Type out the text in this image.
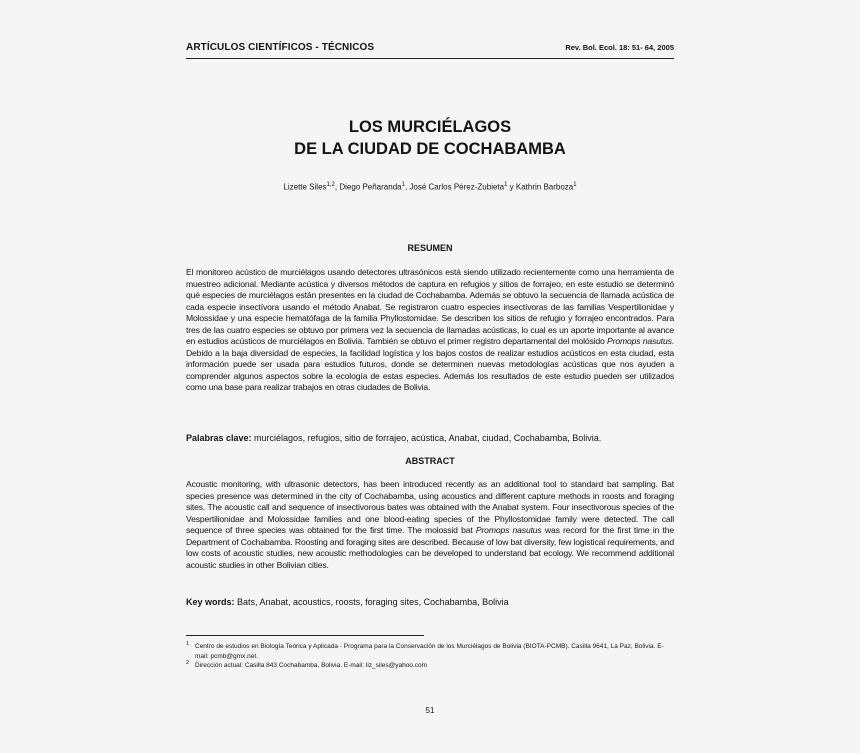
ARTÍCULOS CIENTÍFICOS - TÉCNICOS	Rev. Bol. Ecol. 18: 51- 64, 2005
LOS MURCIÉLAGOS
DE LA CIUDAD DE COCHABAMBA
Lizette Siles$^{1,2}$, Diego Peñaranda$^1$, José Carlos Pérez-Zubieta$^1$ y Kathrin Barboza$^1$
RESUMEN
El monitoreo acústico de murciélagos usando detectores ultrasónicos está siendo utilizado recientemente como una herramienta de muestreo adicional. Mediante acústica y diversos métodos de captura en refugios y sitios de forrajeo, en este estudio se determinó qué especies de murciélagos están presentes en la ciudad de Cochabamba. Además se obtuvo la secuencia de llamada acústica de cada especie insectívora usando el método Anabat. Se registraron cuatro especies insectívoras de las familias Vespertilionidae y Molossidae y una especie hematófaga de la familia Phyllostomidae. Se describen los sitios de refugio y forrajeo encontrados. Para tres de las cuatro especies se obtuvo por primera vez la secuencia de llamadas acústicas, lo cual es un aporte importante al avance en estudios acústicos de murciélagos en Bolivia. También se obtuvo el primer registro departamental del molósido Promops nasutus. Debido a la baja diversidad de especies, la facilidad logística y los bajos costos de realizar estudios acústicos en esta ciudad, esta información puede ser usada para estudios futuros, donde se determinen nuevas metodologías acústicas que nos ayuden a comprender algunos aspectos sobre la ecología de estas especies. Además los resultados de este estudio pueden ser utilizados como una base para realizar trabajos en otras ciudades de Bolivia.
Palabras clave: murciélagos, refugios, sitio de forrajeo, acústica, Anabat, ciudad, Cochabamba, Bolivia.
ABSTRACT
Acoustic monitoring, with ultrasonic detectors, has been introduced recently as an additional tool to standard bat sampling. Bat species presence was determined in the city of Cochabamba, using acoustics and different capture methods in roosts and foraging sites. The acoustic call and sequence of insectivorous bates was obtained with the Anabat system. Four insectivorous species of the Vespertilionidae and Molossidae families and one blood-eating species of the Phyllostomidae family were detected. The call sequence of three species was obtained for the first time. The molossid bat Promops nasutus was record for the first time in the Department of Cochabamba. Roosting and foraging sites are described. Because of low bat diversity, few logistical requirements, and low costs of acoustic studies, new acoustic methodologies can be developed to understand bat ecology. We recommend additional acoustic studies in other Bolivian cities.
Key words: Bats, Anabat, acoustics, roosts, foraging sites, Cochabamba, Bolivia
1 Centro de estudios en Biología Teórica y Aplicada - Programa para la Conservación de los Murciélagos de Bolivia (BIOTA-PCMB). Casilla 9641, La Paz, Bolivia. E-mail: pcmb@gmx.net.
2 Dirección actual: Casilla 843 Cochabamba, Bolivia. E-mail: liz_siles@yahoo.com
51
